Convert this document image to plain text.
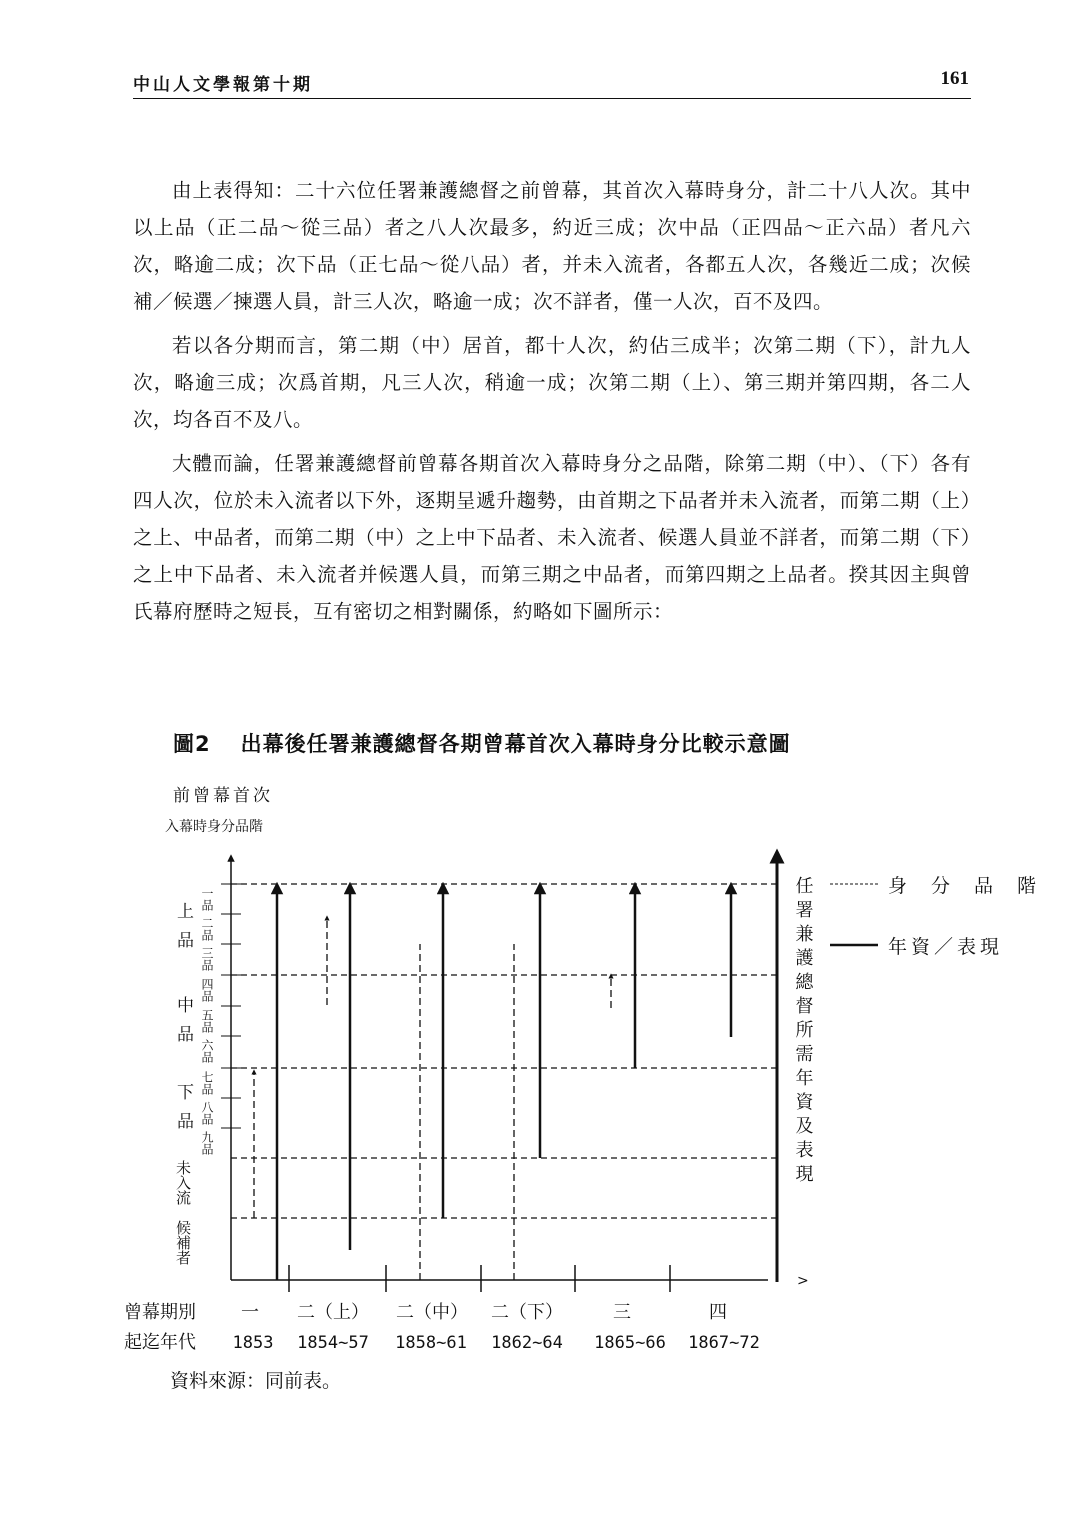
中山人文學報第十期	161

由上表得知：二十六位任署兼護總督之前曾幕，其首次入幕時身分，計二十八人次。其中以上品（正二品～從三品）者之八人次最多，約近三成；次中品（正四品～正六品）者凡六次，略逾二成；次下品（正七品～從八品）者，并未入流者，各都五人次，各幾近二成；次候補／候選／揀選人員，計三人次，略逾一成；次不詳者，僅一人次，百不及四。

若以各分期而言，第二期（中）居首，都十人次，約佔三成半；次第二期（下），計九人次，略逾三成；次爲首期，凡三人次，稍逾一成；次第二期（上）、第三期并第四期，各二人次，均各百不及八。

大體而論，任署兼護總督前曾幕各期首次入幕時身分之品階，除第二期（中）、（下）各有四人次，位於未入流者以下外，逐期呈遞升趨勢，由首期之下品者并未入流者，而第二期（上）之上、中品者，而第二期（中）之上中下品者、未入流者、候選人員並不詳者，而第二期（下）之上中下品者、未入流者并候選人員，而第三期之中品者，而第四期之上品者。揆其因主與曾氏幕府歷時之短長，互有密切之相對關係，約略如下圖所示：

圖2 出幕後任署兼護總督各期曾幕首次入幕時身分比較示意圖
前曾幕首次
入幕時身分品階
一品
二品
三品
四品
五品
六品
七品
八品
九品
上品
中品
下品
未入流
候補者
任署兼護總督所需年資及表現
>
身分品階
年資／表現
曾幕期別	一 二（上） 二（中） 二（下）	三	四
起迄年代 1853 1854~57 1858~61 1862~64 1865~66 1867~72
資料來源：同前表。
